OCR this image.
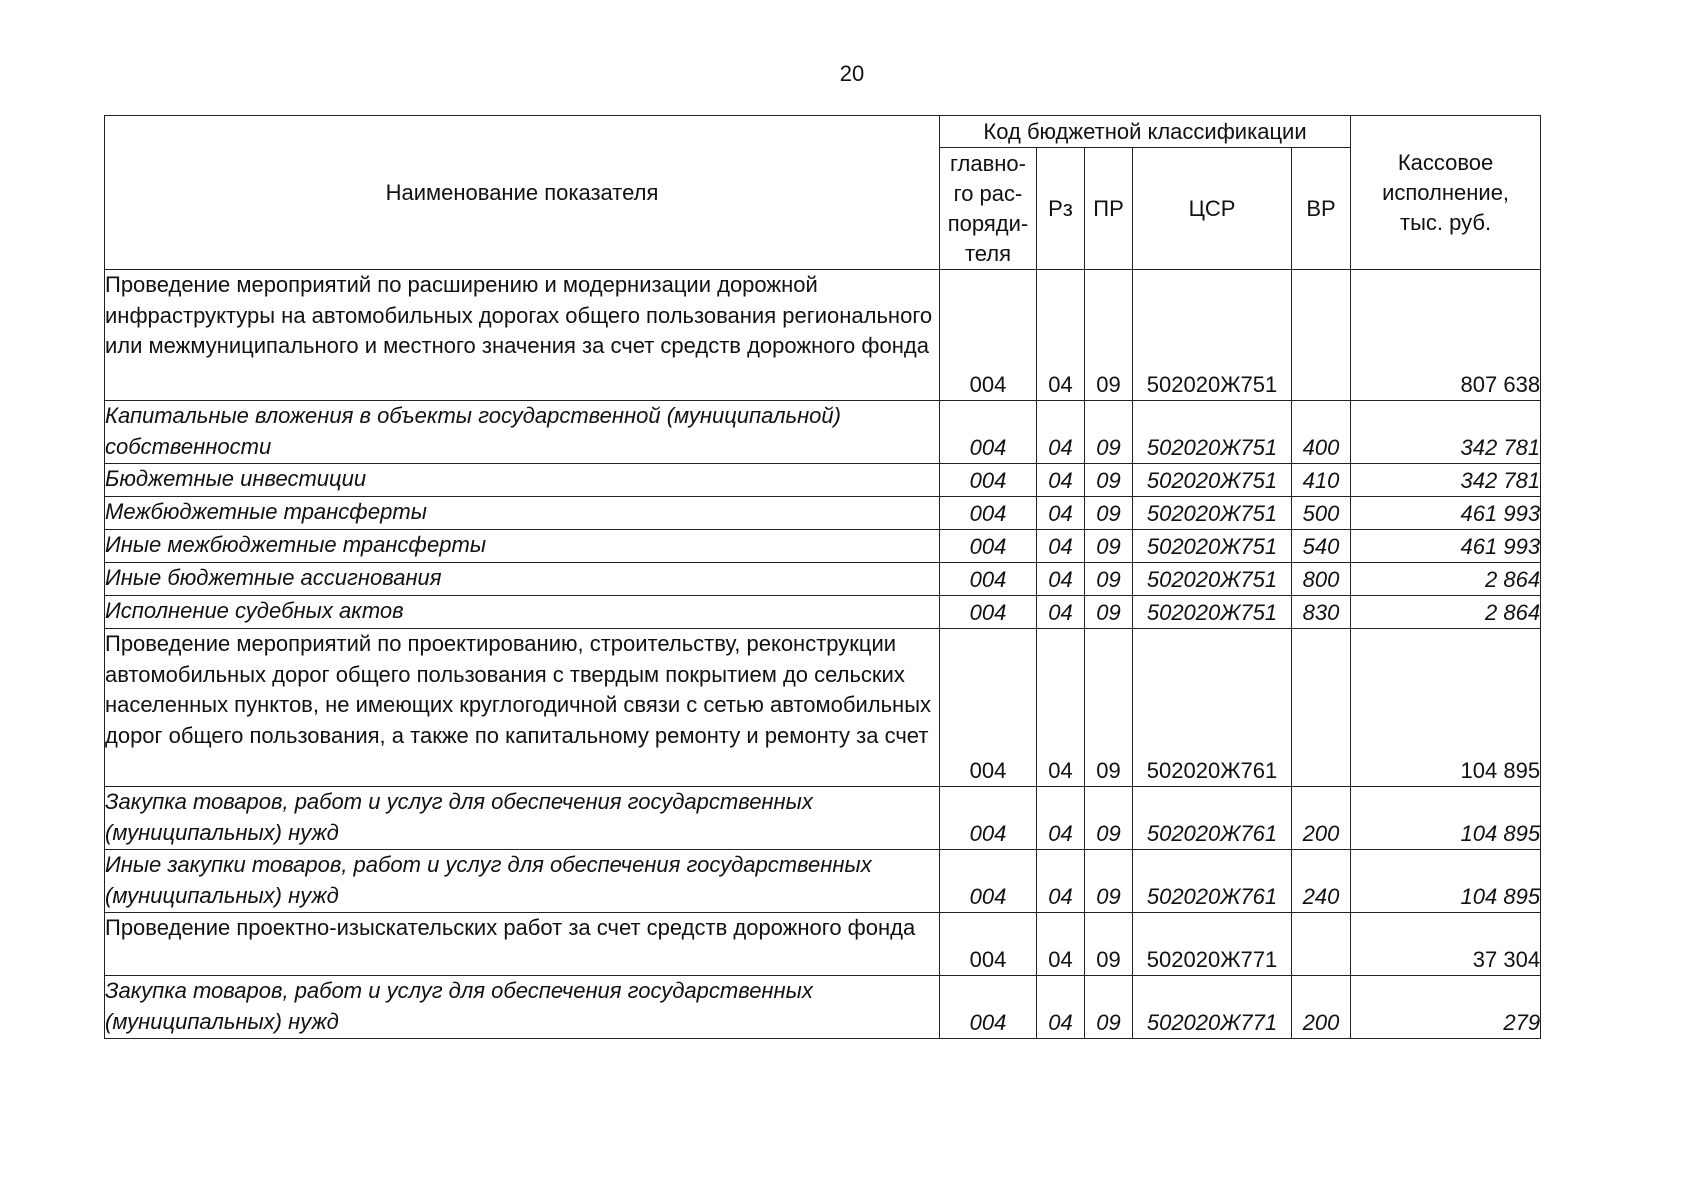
20
Наименование показателя	Код бюджетной классификации					Кассовое исполнение, тыс. руб.
	главно-го рас-поряди-теля	Рз	ПР	ЦСР	ВР	
Проведение мероприятий по расширению и модернизации дорожной инфраструктуры на автомобильных дорогах общего пользования регионального или межмуниципального и местного значения за счет средств дорожного фонда	004	04	09	502020Ж751		807 638
Капитальные вложения в объекты государственной (муниципальной) собственности	004	04	09	502020Ж751	400	342 781
Бюджетные инвестиции	004	04	09	502020Ж751	410	342 781
Межбюджетные трансферты	004	04	09	502020Ж751	500	461 993
Иные межбюджетные трансферты	004	04	09	502020Ж751	540	461 993
Иные бюджетные ассигнования	004	04	09	502020Ж751	800	2 864
Исполнение судебных актов	004	04	09	502020Ж751	830	2 864
Проведение мероприятий по проектированию, строительству, реконструкции автомобильных дорог общего пользования с твердым покрытием до сельских населенных пунктов, не имеющих круглогодичной связи с сетью автомобильных дорог общего пользования, а также по капитальному ремонту и ремонту за счет	004	04	09	502020Ж761		104 895
Закупка товаров, работ и услуг для обеспечения государственных (муниципальных) нужд	004	04	09	502020Ж761	200	104 895
Иные закупки товаров, работ и услуг для обеспечения государственных (муниципальных) нужд	004	04	09	502020Ж761	240	104 895
Проведение проектно-изыскательских работ за счет средств дорожного фонда	004	04	09	502020Ж771		37 304
Закупка товаров, работ и услуг для обеспечения государственных (муниципальных) нужд	004	04	09	502020Ж771	200	279
